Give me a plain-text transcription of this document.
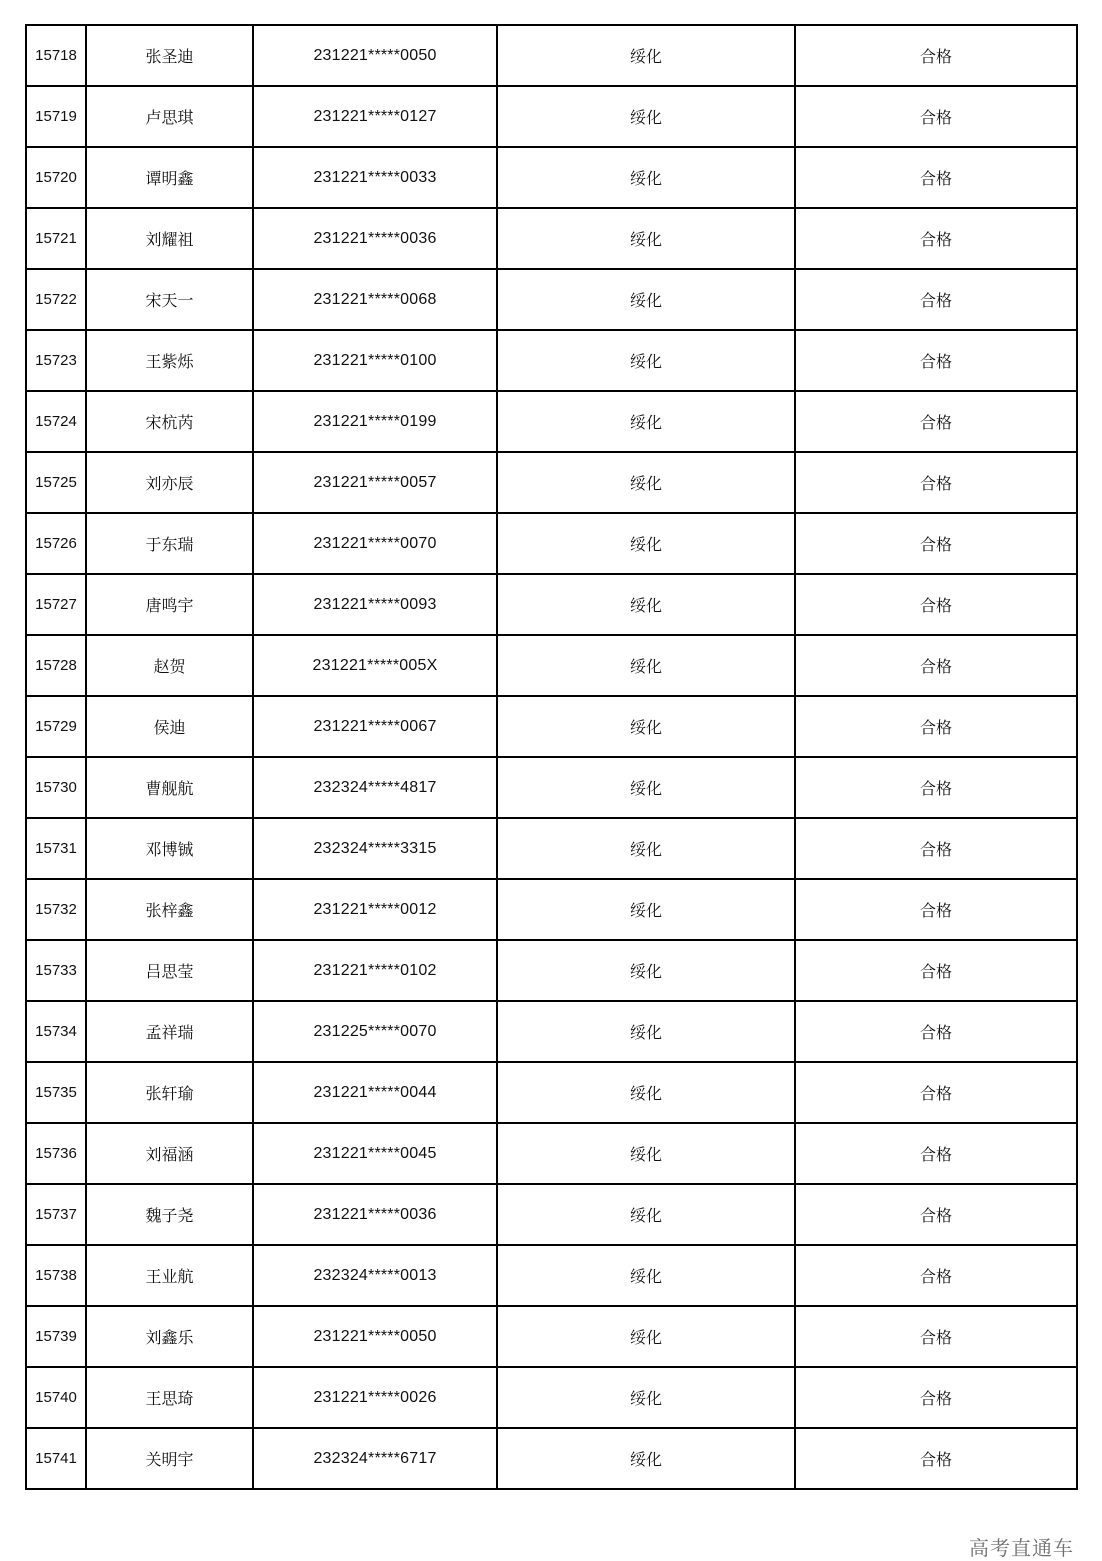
15718	张圣迪	231221*****0050	绥化	合格
15719	卢思琪	231221*****0127	绥化	合格
15720	谭明鑫	231221*****0033	绥化	合格
15721	刘耀祖	231221*****0036	绥化	合格
15722	宋天一	231221*****0068	绥化	合格
15723	王紫烁	231221*****0100	绥化	合格
15724	宋杭芮	231221*****0199	绥化	合格
15725	刘亦辰	231221*****0057	绥化	合格
15726	于东瑞	231221*****0070	绥化	合格
15727	唐鸣宇	231221*****0093	绥化	合格
15728	赵贺	231221*****005X	绥化	合格
15729	侯迪	231221*****0067	绥化	合格
15730	曹舰航	232324*****4817	绥化	合格
15731	邓博铖	232324*****3315	绥化	合格
15732	张梓鑫	231221*****0012	绥化	合格
15733	吕思莹	231221*****0102	绥化	合格
15734	孟祥瑞	231225*****0070	绥化	合格
15735	张轩瑜	231221*****0044	绥化	合格
15736	刘福涵	231221*****0045	绥化	合格
15737	魏子尧	231221*****0036	绥化	合格
15738	王业航	232324*****0013	绥化	合格
15739	刘鑫乐	231221*****0050	绥化	合格
15740	王思琦	231221*****0026	绥化	合格
15741	关明宇	232324*****6717	绥化	合格
高考直通车
